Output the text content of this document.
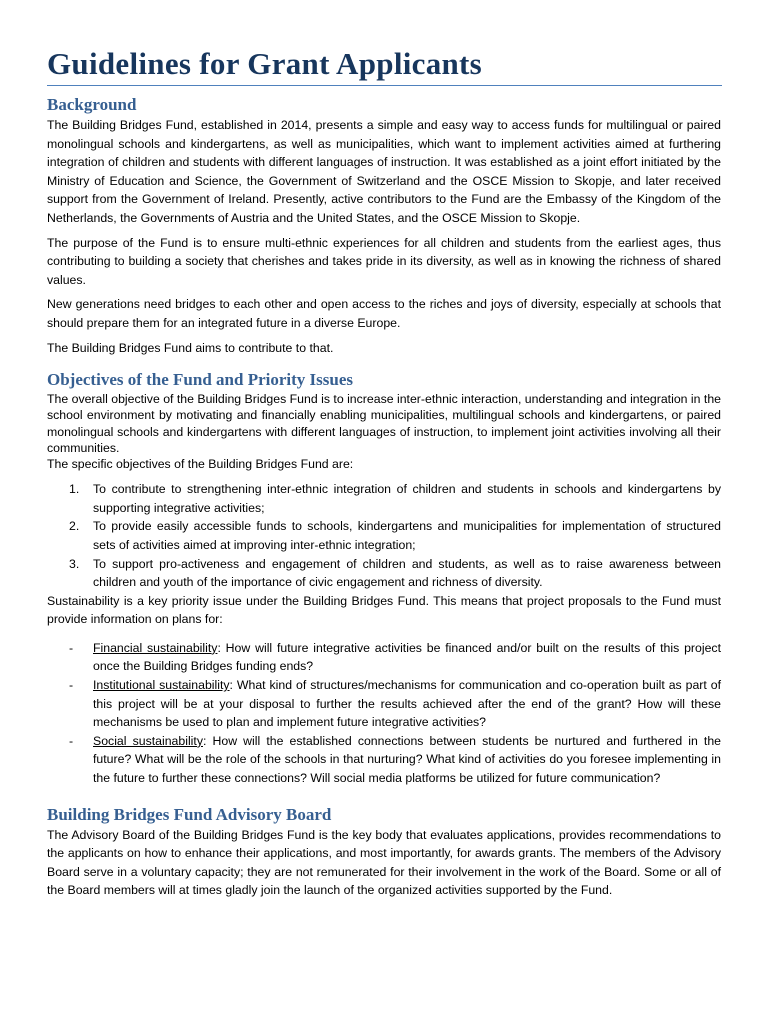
Guidelines for Grant Applicants
Background

The Building Bridges Fund, established in 2014, presents a simple and easy way to access funds for multilingual or paired monolingual schools and kindergartens, as well as municipalities, which want to implement activities aimed at furthering integration of children and students with different languages of instruction. It was established as a joint effort initiated by the Ministry of Education and Science, the Government of Switzerland and the OSCE Mission to Skopje, and later received support from the Government of Ireland. Presently, active contributors to the Fund are the Embassy of the Kingdom of the Netherlands, the Governments of Austria and the United States, and the OSCE Mission to Skopje.

The purpose of the Fund is to ensure multi-ethnic experiences for all children and students from the earliest ages, thus contributing to building a society that cherishes and takes pride in its diversity, as well as in knowing the richness of shared values.

New generations need bridges to each other and open access to the riches and joys of diversity, especially at schools that should prepare them for an integrated future in a diverse Europe.

The Building Bridges Fund aims to contribute to that.

Objectives of the Fund and Priority Issues

The overall objective of the Building Bridges Fund is to increase inter-ethnic interaction, understanding and integration in the school environment by motivating and financially enabling municipalities, multilingual schools and kindergartens, or paired monolingual schools and kindergartens with different languages of instruction, to implement joint activities involving all their communities.

The specific objectives of the Building Bridges Fund are:

1. To contribute to strengthening inter-ethnic integration of children and students in schools and kindergartens by supporting integrative activities;
2. To provide easily accessible funds to schools, kindergartens and municipalities for implementation of structured sets of activities aimed at improving inter-ethnic integration;
3. To support pro-activeness and engagement of children and students, as well as to raise awareness between children and youth of the importance of civic engagement and richness of diversity.

Sustainability is a key priority issue under the Building Bridges Fund. This means that project proposals to the Fund must provide information on plans for:

- Financial sustainability: How will future integrative activities be financed and/or built on the results of this project once the Building Bridges funding ends?
- Institutional sustainability: What kind of structures/mechanisms for communication and co-operation built as part of this project will be at your disposal to further the results achieved after the end of the grant? How will these mechanisms be used to plan and implement future integrative activities?
- Social sustainability: How will the established connections between students be nurtured and furthered in the future? What will be the role of the schools in that nurturing? What kind of activities do you foresee implementing in the future to further these connections? Will social media platforms be utilized for future communication?
Building Bridges Fund Advisory Board

The Advisory Board of the Building Bridges Fund is the key body that evaluates applications, provides recommendations to the applicants on how to enhance their applications, and most importantly, for awards grants. The members of the Advisory Board serve in a voluntary capacity; they are not remunerated for their involvement in the work of the Board. Some or all of the Board members will at times gladly join the launch of the organized activities supported by the Fund.
